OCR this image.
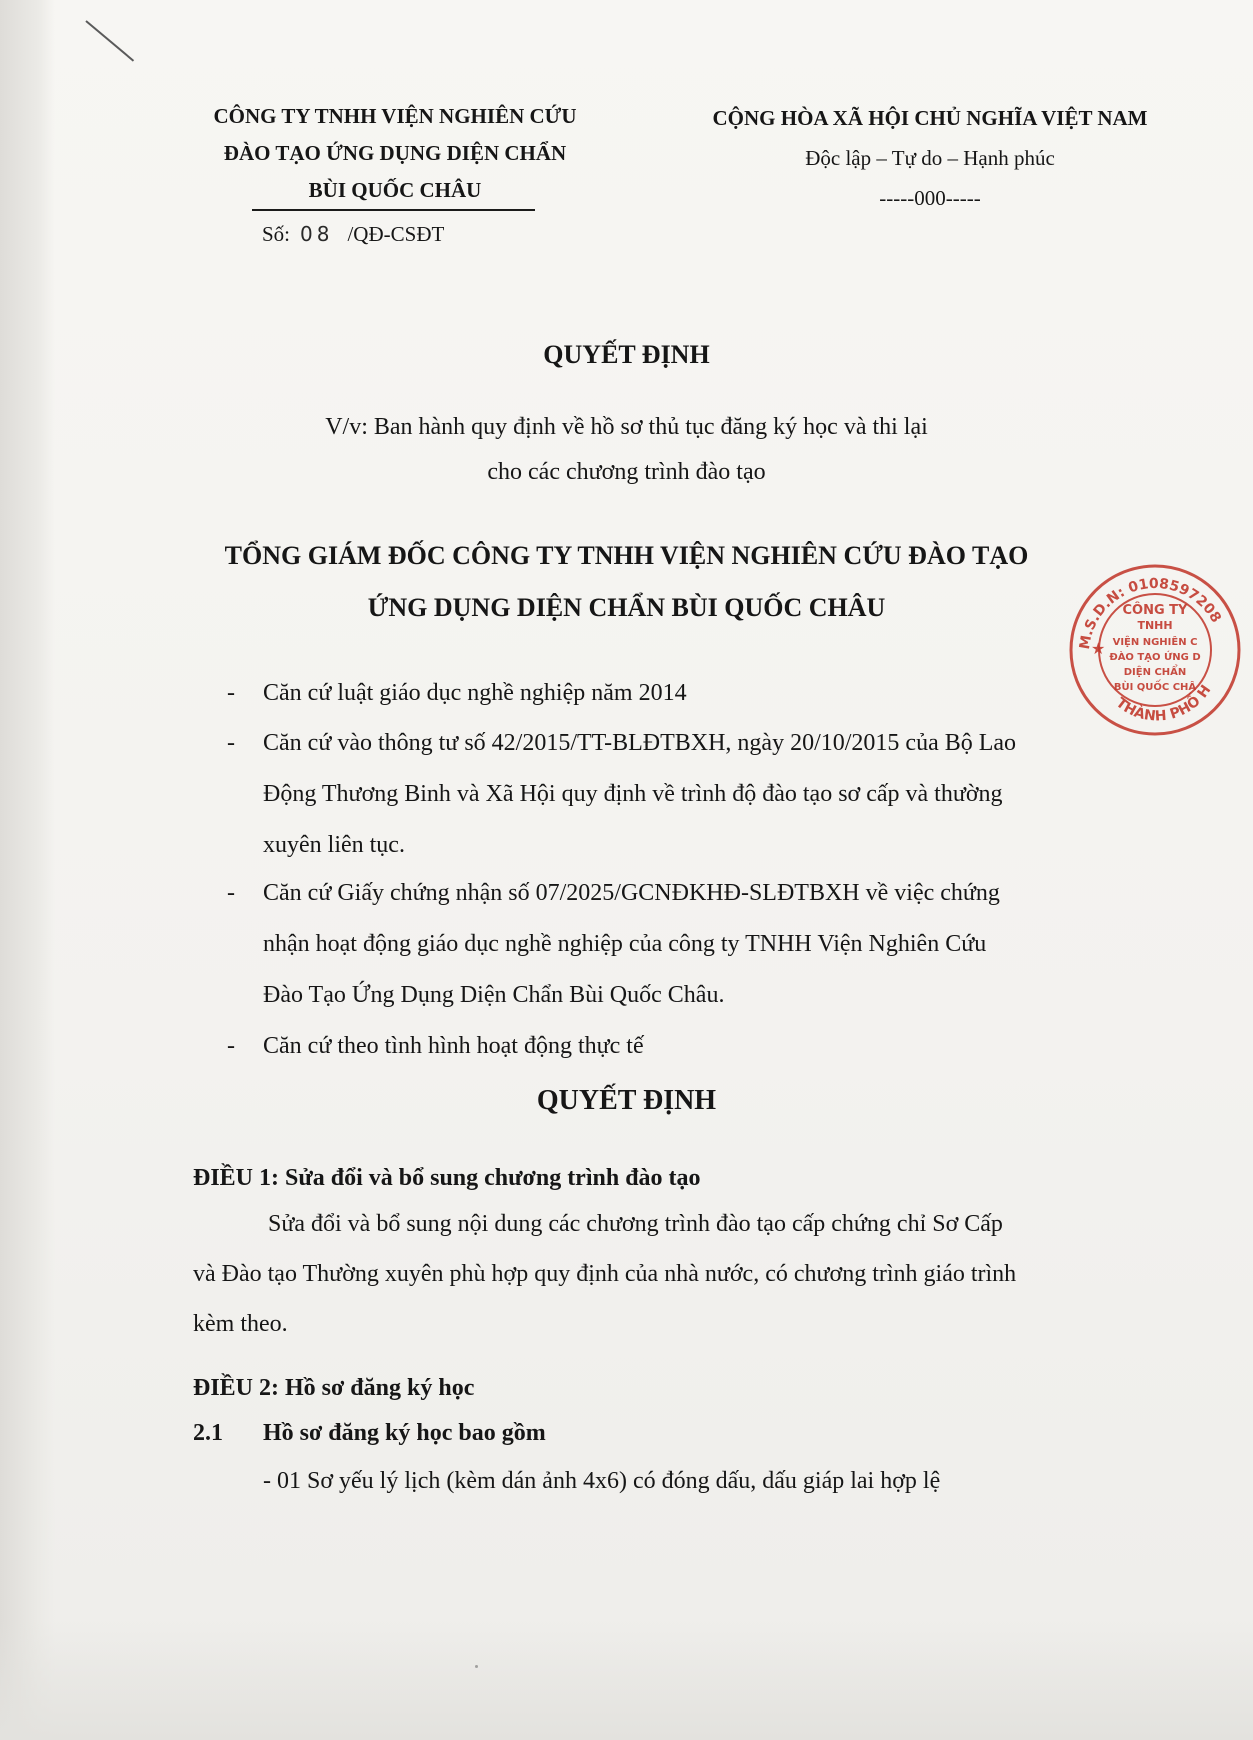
CÔNG TY TNHH VIỆN NGHIÊN CỨU
ĐÀO TẠO ỨNG DỤNG DIỆN CHẨN
BÙI QUỐC CHÂU
Số: 08 /QĐ-CSĐT
CỘNG HÒA XÃ HỘI CHỦ NGHĨA VIỆT NAM
Độc lập – Tự do – Hạnh phúc
-----000-----
QUYẾT ĐỊNH
V/v: Ban hành quy định về hồ sơ thủ tục đăng ký học và thi lại
cho các chương trình đào tạo
TỔNG GIÁM ĐỐC CÔNG TY TNHH VIỆN NGHIÊN CỨU ĐÀO TẠO
ỨNG DỤNG DIỆN CHẨN BÙI QUỐC CHÂU
- Căn cứ luật giáo dục nghề nghiệp năm 2014
- Căn cứ vào thông tư số 42/2015/TT-BLĐTBXH, ngày 20/10/2015 của Bộ Lao
Động Thương Binh và Xã Hội quy định về trình độ đào tạo sơ cấp và thường
xuyên liên tục.
- Căn cứ Giấy chứng nhận số 07/2025/GCNĐKHĐ-SLĐTBXH về việc chứng
nhận hoạt động giáo dục nghề nghiệp của công ty TNHH Viện Nghiên Cứu
Đào Tạo Ứng Dụng Diện Chẩn Bùi Quốc Châu.
- Căn cứ theo tình hình hoạt động thực tế
QUYẾT ĐỊNH
ĐIỀU 1: Sửa đổi và bổ sung chương trình đào tạo
Sửa đổi và bổ sung nội dung các chương trình đào tạo cấp chứng chỉ Sơ Cấp
và Đào tạo Thường xuyên phù hợp quy định của nhà nước, có chương trình giáo trình
kèm theo.
ĐIỀU 2: Hồ sơ đăng ký học
2.1 Hồ sơ đăng ký học bao gồm
- 01 Sơ yếu lý lịch (kèm dán ảnh 4x6) có đóng dấu, dấu giáp lai hợp lệ
M.S.D.N: 0108597208
THÀNH PHỐ H
★
CÔNG TY
TNHH
VIỆN NGHIÊN C
ĐÀO TẠO ỨNG D
DIỆN CHẨN
BÙI QUỐC CHÂ
